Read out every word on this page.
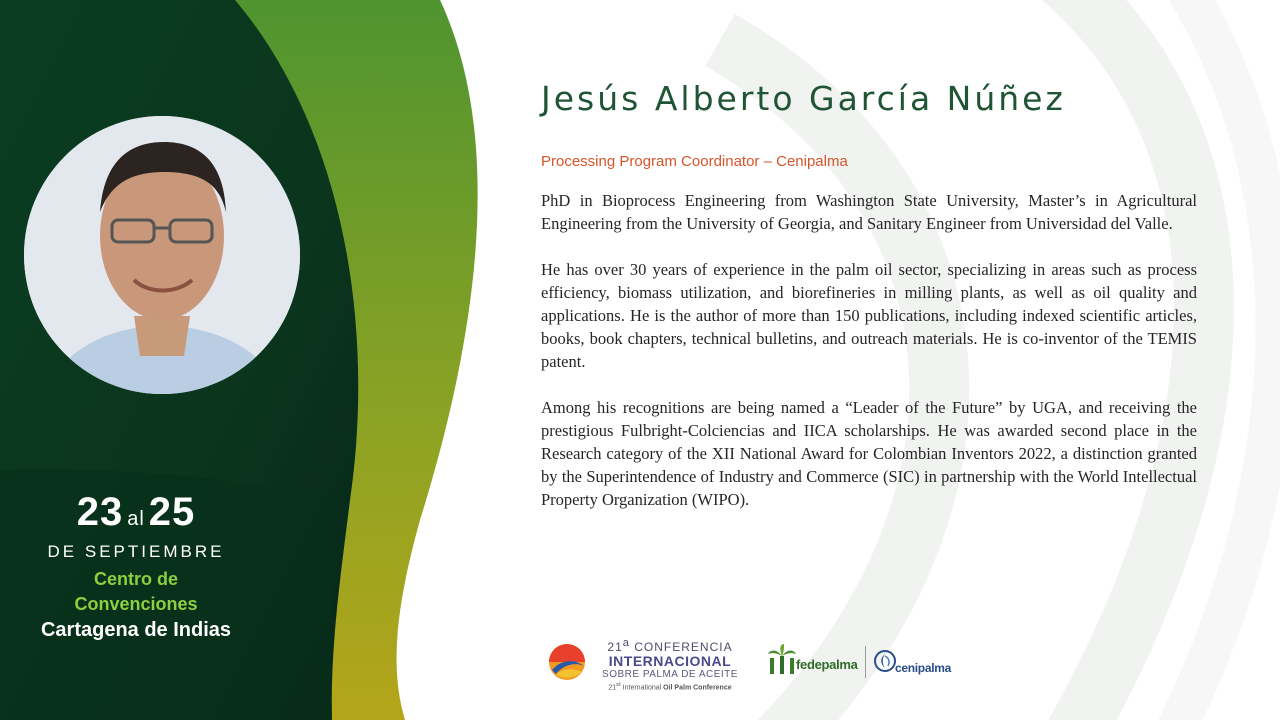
23 al 25
DE SEPTIEMBRE
Centro de
Convenciones
Cartagena de Indias
Jesús Alberto García Núñez
Processing Program Coordinator – Cenipalma

PhD in Bioprocess Engineering from Washington State University, Master’s in Agricultural Engineering from the University of Georgia, and Sanitary Engineer from Universidad del Valle.

He has over 30 years of experience in the palm oil sector, specializing in areas such as process efficiency, biomass utilization, and biorefineries in milling plants, as well as oil quality and applications. He is the author of more than 150 publications, including indexed scientific articles, books, book chapters, technical bulletins, and outreach materials. He is co-inventor of the TEMIS patent.

Among his recognitions are being named a “Leader of the Future” by UGA, and receiving the prestigious Fulbright-Colciencias and IICA scholarships. He was awarded second place in the Research category of the XII National Award for Colombian Inventors 2022, a distinction granted by the Superintendence of Industry and Commerce (SIC) in partnership with the World Intellectual Property Organization (WIPO).

21$^a$ CONFERENCIA
INTERNACIONAL
SOBRE PALMA DE ACEITE
21st International Oil Palm Conference
fedepalma	cenipalma
